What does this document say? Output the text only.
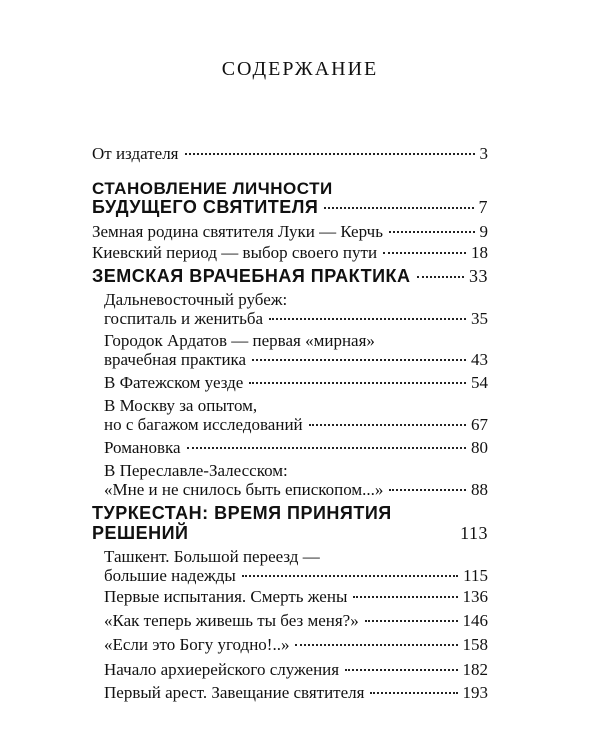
СОДЕРЖАНИЕ
От издателя	3
СТАНОВЛЕНИЕ ЛИЧНОСТИ
БУДУЩЕГО СВЯТИТЕЛЯ	7
Земная родина святителя Луки — Керчь	9
Киевский период — выбор своего пути	18
ЗЕМСКАЯ ВРАЧЕБНАЯ ПРАКТИКА	33
Дальневосточный рубеж:
госпиталь и женитьба	35
Городок Ардатов — первая «мирная»
врачебная практика	43
В Фатежском уезде	54
В Москву за опытом,
но с багажом исследований	67
Романовка	80
В Переславле-Залесском:
«Мне и не снилось быть епископом...»	88
ТУРКЕСТАН: ВРЕМЯ ПРИНЯТИЯ
РЕШЕНИЙ	113
Ташкент. Большой переезд —
большие надежды	115
Первые испытания. Смерть жены	136
«Как теперь живешь ты без меня?»	146
«Если это Богу угодно!..»	158
Начало архиерейского служения	182
Первый арест. Завещание святителя	193
